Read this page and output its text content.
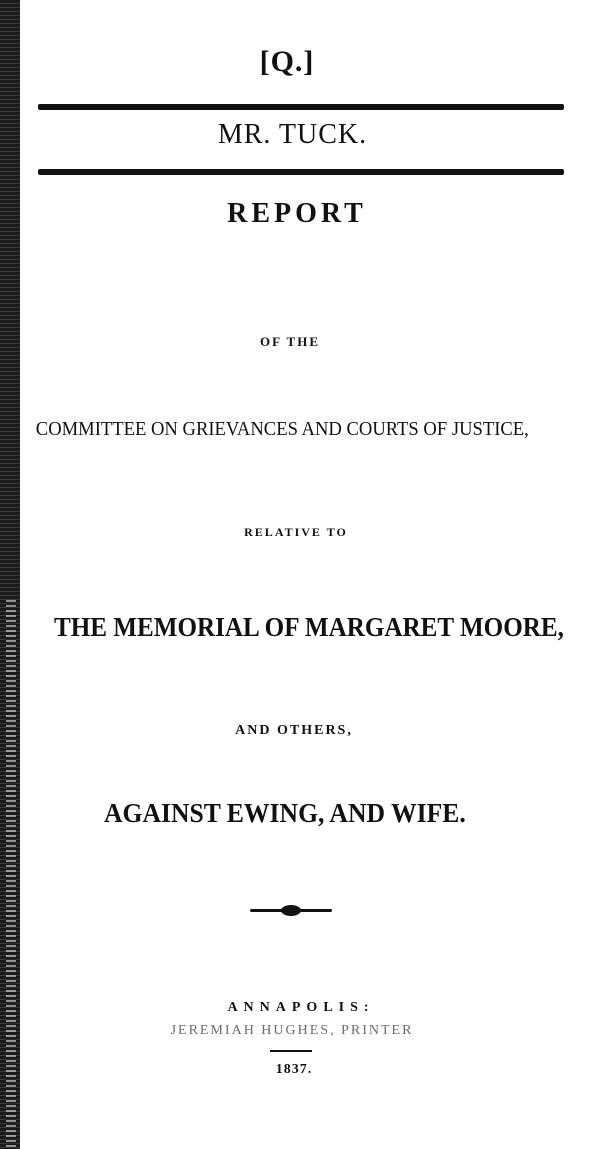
[Q.]
MR. TUCK.
REPORT
OF THE
COMMITTEE ON GRIEVANCES AND COURTS OF JUSTICE,
RELATIVE TO
THE MEMORIAL OF MARGARET MOORE,
AND OTHERS,
AGAINST EWING, AND WIFE.
ANNAPOLIS:
JEREMIAH HUGHES, PRINTER
1837.
